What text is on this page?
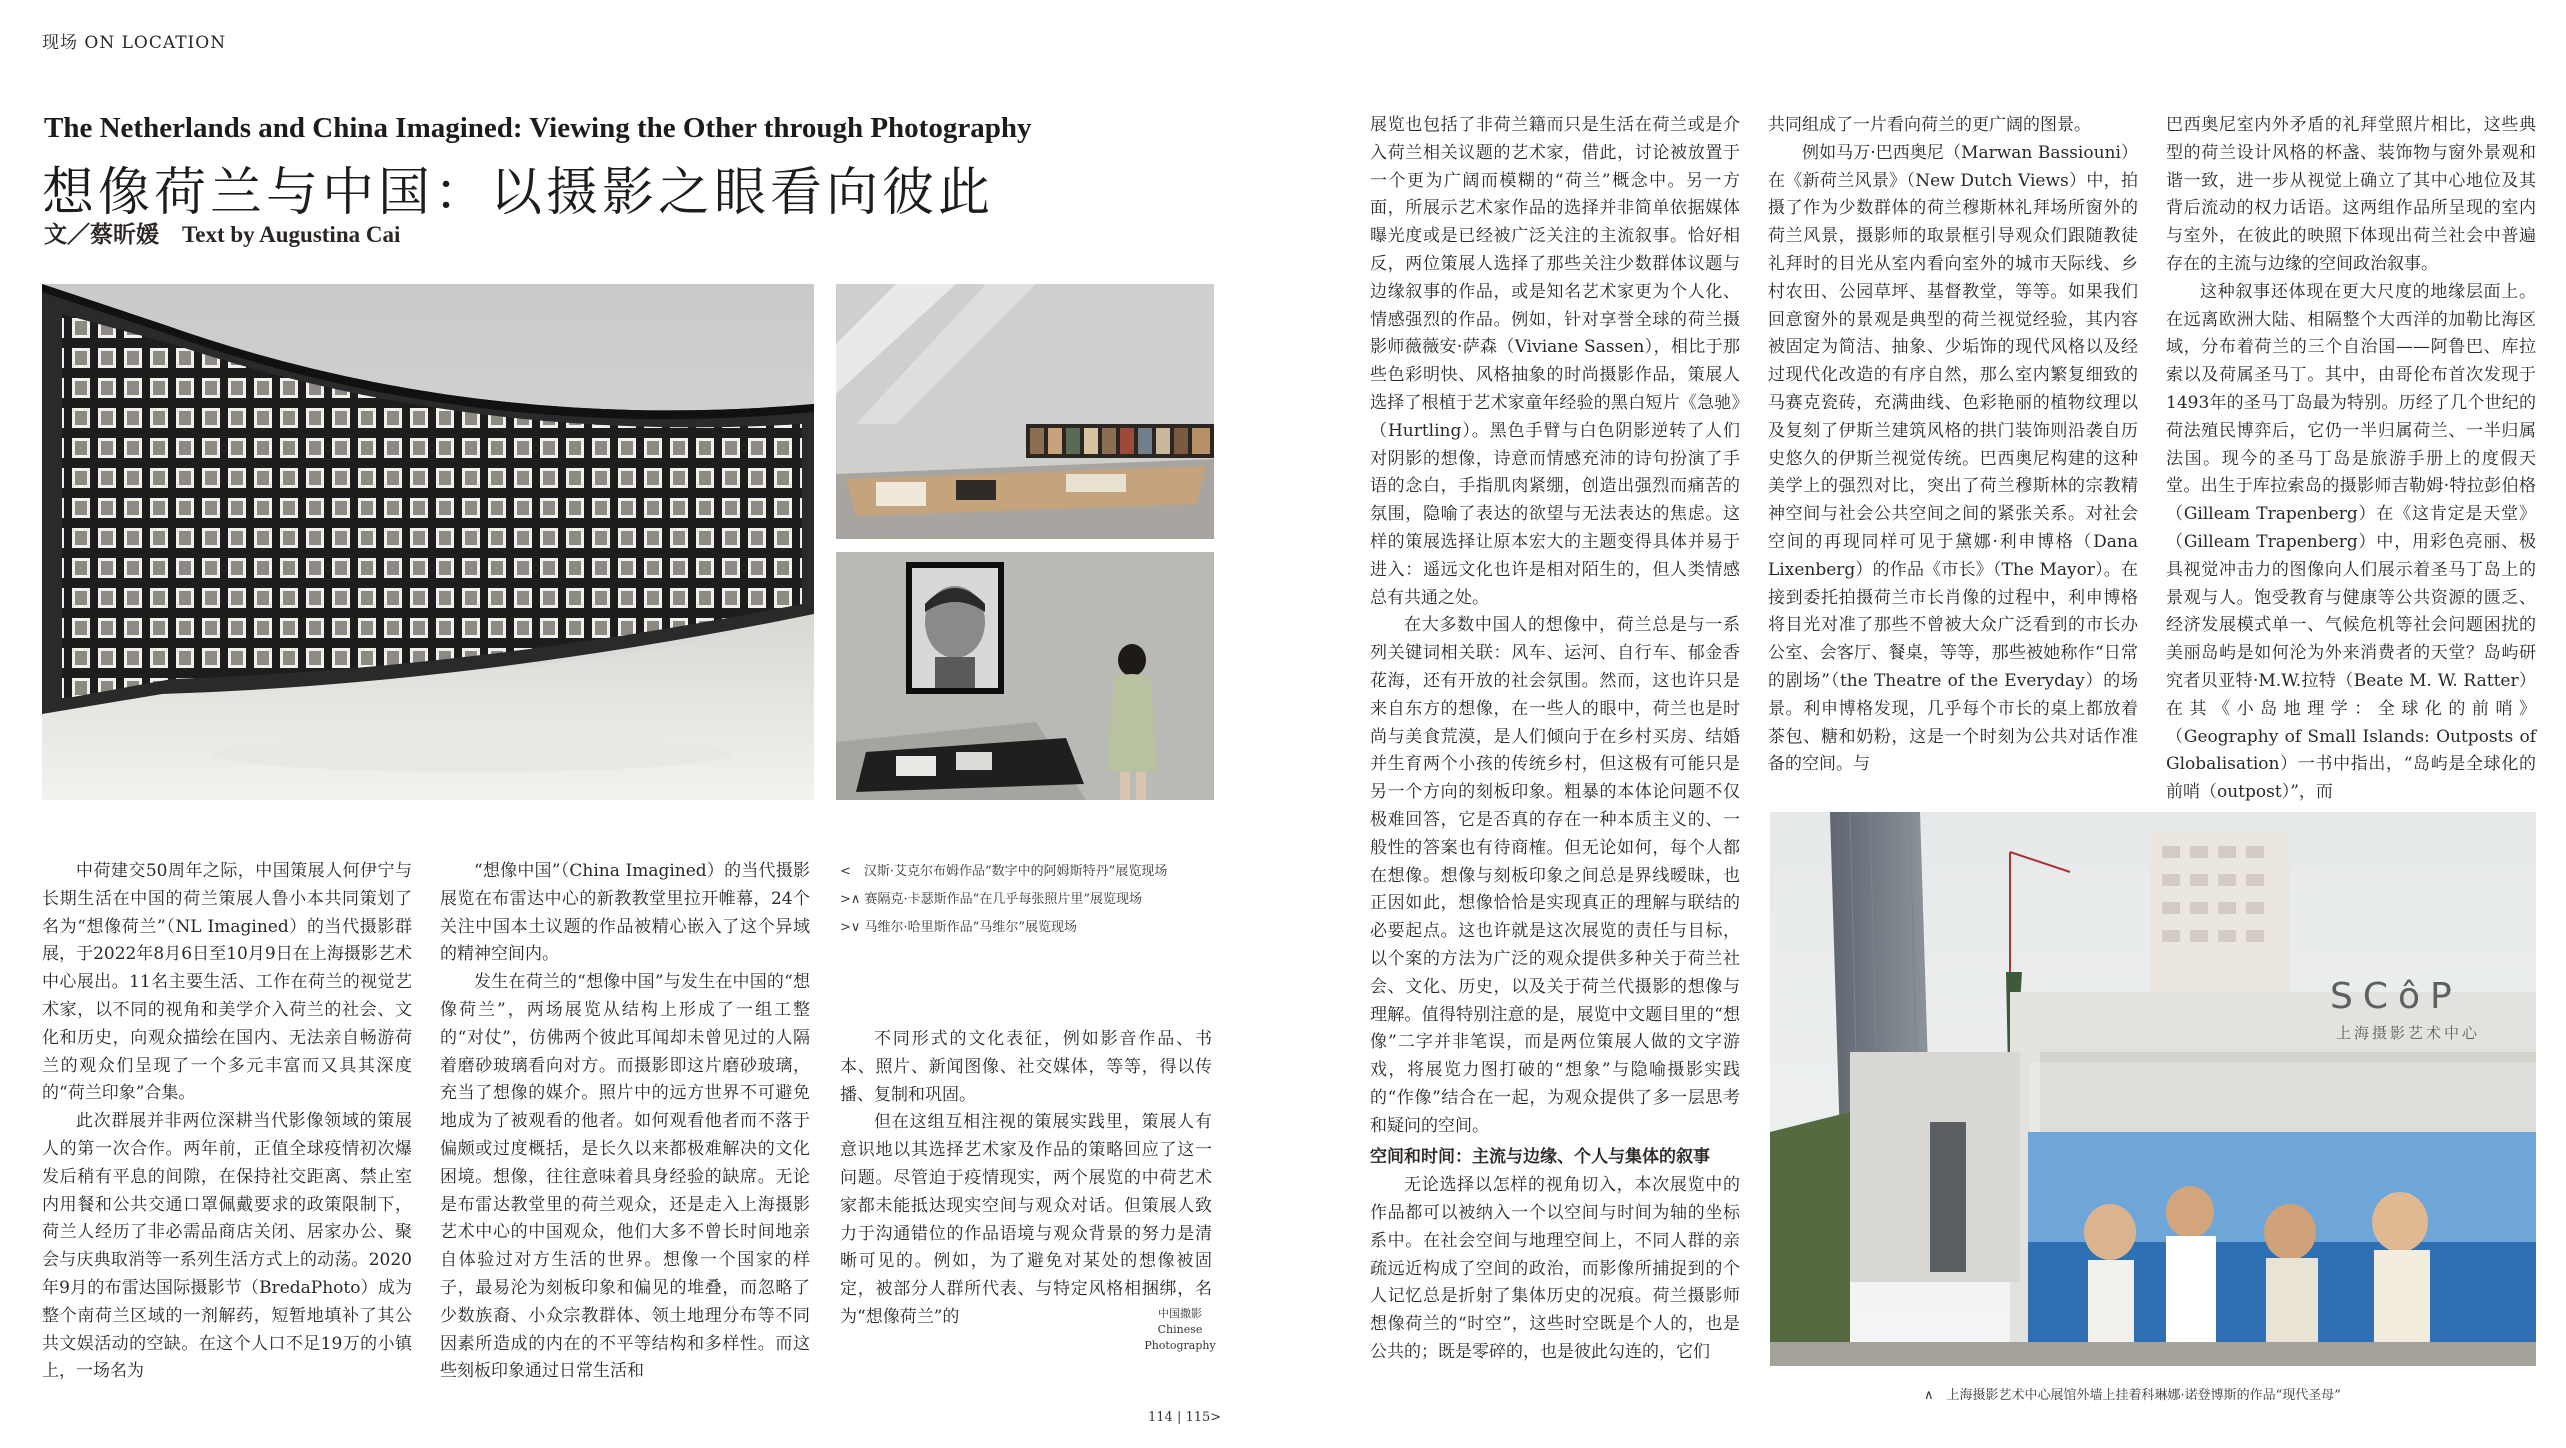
现场 ON LOCATION
The Netherlands and China Imagined: Viewing the Other through Photography
想像荷兰与中国：以摄影之眼看向彼此
文／蔡昕媛　Text by Augustina Cai

中荷建交50周年之际，中国策展人何伊宁与长期生活在中国的荷兰策展人鲁小本共同策划了名为“想像荷兰”（NL Imagined）的当代摄影群展，于2022年8月6日至10月9日在上海摄影艺术中心展出。11名主要生活、工作在荷兰的视觉艺术家，以不同的视角和美学介入荷兰的社会、文化和历史，向观众描绘在国内、无法亲自畅游荷兰的观众们呈现了一个多元丰富而又具其深度的“荷兰印象”合集。

此次群展并非两位深耕当代影像领域的策展人的第一次合作。两年前，正值全球疫情初次爆发后稍有平息的间隙，在保持社交距离、禁止室内用餐和公共交通口罩佩戴要求的政策限制下，荷兰人经历了非必需品商店关闭、居家办公、聚会与庆典取消等一系列生活方式上的动荡。2020年9月的布雷达国际摄影节（BredaPhoto）成为整个南荷兰区域的一剂解药，短暂地填补了其公共文娱活动的空缺。在这个人口不足19万的小镇上，一场名为

“想像中国”（China Imagined）的当代摄影展览在布雷达中心的新教教堂里拉开帷幕，24个关注中国本土议题的作品被精心嵌入了这个异域的精神空间内。

发生在荷兰的“想像中国”与发生在中国的“想像荷兰”，两场展览从结构上形成了一组工整的“对仗”，仿佛两个彼此耳闻却未曾见过的人隔着磨砂玻璃看向对方。而摄影即这片磨砂玻璃，充当了想像的媒介。照片中的远方世界不可避免地成为了被观看的他者。如何观看他者而不落于偏颇或过度概括，是长久以来都极难解决的文化困境。想像，往往意味着具身经验的缺席。无论是布雷达教堂里的荷兰观众，还是走入上海摄影艺术中心的中国观众，他们大多不曾长时间地亲自体验过对方生活的世界。想像一个国家的样子，最易沦为刻板印象和偏见的堆叠，而忽略了少数族裔、小众宗教群体、领土地理分布等不同因素所造成的内在的不平等结构和多样性。而这些刻板印象通过日常生活和

<　汉斯·艾克尔布姆作品“数字中的阿姆斯特丹”展览现场
>∧ 赛隔克·卡瑟斯作品“在几乎每张照片里”展览现场
>∨ 马维尔·哈里斯作品“马维尔”展览现场

不同形式的文化表征，例如影音作品、书本、照片、新闻图像、社交媒体，等等，得以传播、复制和巩固。

但在这组互相注视的策展实践里，策展人有意识地以其选择艺术家及作品的策略回应了这一问题。尽管迫于疫情现实，两个展览的中荷艺术家都未能抵达现实空间与观众对话。但策展人致力于沟通错位的作品语境与观众背景的努力是清晰可见的。例如，为了避免对某处的想像被固定，被部分人群所代表、与特定风格相捆绑，名为“想像荷兰”的	中国撒影
Chinese
Photography
114 | 115>

展览也包括了非荷兰籍而只是生活在荷兰或是介入荷兰相关议题的艺术家，借此，讨论被放置于一个更为广阔而模糊的“荷兰”概念中。另一方面，所展示艺术家作品的选择并非简单依据媒体曝光度或是已经被广泛关注的主流叙事。恰好相反，两位策展人选择了那些关注少数群体议题与边缘叙事的作品，或是知名艺术家更为个人化、情感强烈的作品。例如，针对享誉全球的荷兰摄影师薇薇安·萨森（Viviane Sassen），相比于那些色彩明快、风格抽象的时尚摄影作品，策展人选择了根植于艺术家童年经验的黑白短片《急驰》（Hurtling）。黑色手臂与白色阴影逆转了人们对阴影的想像，诗意而情感充沛的诗句扮演了手语的念白，手指肌肉紧绷，创造出强烈而痛苦的氛围，隐喻了表达的欲望与无法表达的焦虑。这样的策展选择让原本宏大的主题变得具体并易于进入：遥远文化也许是相对陌生的，但人类情感总有共通之处。

在大多数中国人的想像中，荷兰总是与一系列关键词相关联：风车、运河、自行车、郁金香花海，还有开放的社会氛围。然而，这也许只是来自东方的想像，在一些人的眼中，荷兰也是时尚与美食荒漠，是人们倾向于在乡村买房、结婚并生育两个小孩的传统乡村，但这极有可能只是另一个方向的刻板印象。粗暴的本体论问题不仅极难回答，它是否真的存在一种本质主义的、一般性的答案也有待商榷。但无论如何，每个人都在想像。想像与刻板印象之间总是界线暧昧，也正因如此，想像恰恰是实现真正的理解与联结的必要起点。这也许就是这次展览的责任与目标，以个案的方法为广泛的观众提供多种关于荷兰社会、文化、历史，以及关于荷兰代摄影的想像与理解。值得特别注意的是，展览中文题目里的“想像”二字并非笔误，而是两位策展人做的文字游戏，将展览力图打破的“想象”与隐喻摄影实践的“作像”结合在一起，为观众提供了多一层思考和疑问的空间。

空间和时间：主流与边缘、个人与集体的叙事

无论选择以怎样的视角切入，本次展览中的作品都可以被纳入一个以空间与时间为轴的坐标系中。在社会空间与地理空间上，不同人群的亲疏远近构成了空间的政治，而影像所捕捉到的个人记忆总是折射了集体历史的况痕。荷兰摄影师想像荷兰的“时空”，这些时空既是个人的，也是公共的；既是零碎的，也是彼此勾连的，它们

共同组成了一片看向荷兰的更广阔的图景。

例如马万·巴西奥尼（Marwan Bassiouni）在《新荷兰风景》（New Dutch Views）中，拍摄了作为少数群体的荷兰穆斯林礼拜场所窗外的荷兰风景，摄影师的取景框引导观众们跟随教徒礼拜时的目光从室内看向室外的城市天际线、乡村农田、公园草坪、基督教堂，等等。如果我们回意窗外的景观是典型的荷兰视觉经验，其内容被固定为简洁、抽象、少垢饰的现代风格以及经过现代化改造的有序自然，那么室内繁复细致的马赛克瓷砖，充满曲线、色彩艳丽的植物纹理以及复刻了伊斯兰建筑风格的拱门装饰则沿袭自历史悠久的伊斯兰视觉传统。巴西奥尼构建的这种美学上的强烈对比，突出了荷兰穆斯林的宗教精神空间与社会公共空间之间的紧张关系。对社会空间的再现同样可见于黛娜·利申博格（Dana Lixenberg）的作品《市长》（The Mayor）。在接到委托拍摄荷兰市长肖像的过程中，利申博格将目光对准了那些不曾被大众广泛看到的市长办公室、会客厅、餐桌，等等，那些被她称作“日常的剧场”（the Theatre of the Everyday）的场景。利申博格发现，几乎每个市长的桌上都放着茶包、糖和奶粉，这是一个时刻为公共对话作准备的空间。与

巴西奥尼室内外矛盾的礼拜堂照片相比，这些典型的荷兰设计风格的杯盏、装饰物与窗外景观和谐一致，进一步从视觉上确立了其中心地位及其背后流动的权力话语。这两组作品所呈现的室内与室外，在彼此的映照下体现出荷兰社会中普遍存在的主流与边缘的空间政治叙事。

这种叙事还体现在更大尺度的地缘层面上。在远离欧洲大陆、相隔整个大西洋的加勒比海区域，分布着荷兰的三个自治国——阿鲁巴、库拉索以及荷属圣马丁。其中，由哥伦布首次发现于1493年的圣马丁岛最为特别。历经了几个世纪的荷法殖民博弈后，它仍一半归属荷兰、一半归属法国。现今的圣马丁岛是旅游手册上的度假天堂。出生于库拉索岛的摄影师吉勒姆·特拉彭伯格（Gilleam Trapenberg）在《这肯定是天堂》（Gilleam Trapenberg）中，用彩色亮丽、极具视觉冲击力的图像向人们展示着圣马丁岛上的景观与人。饱受教育与健康等公共资源的匮乏、经济发展模式单一、气候危机等社会问题困扰的美丽岛屿是如何沦为外来消费者的天堂？岛屿研究者贝亚特·M.W.拉特（Beate M. W. Ratter）在其《小岛地理学：全球化的前哨》（Geography of Small Islands: Outposts of Globalisation）一书中指出，“岛屿是全球化的前哨（outpost）”，而

SCôP
上海摄影艺术中心
∧　上海摄影艺术中心展馆外墙上挂着科琳娜·诺登博斯的作品“现代圣母”
